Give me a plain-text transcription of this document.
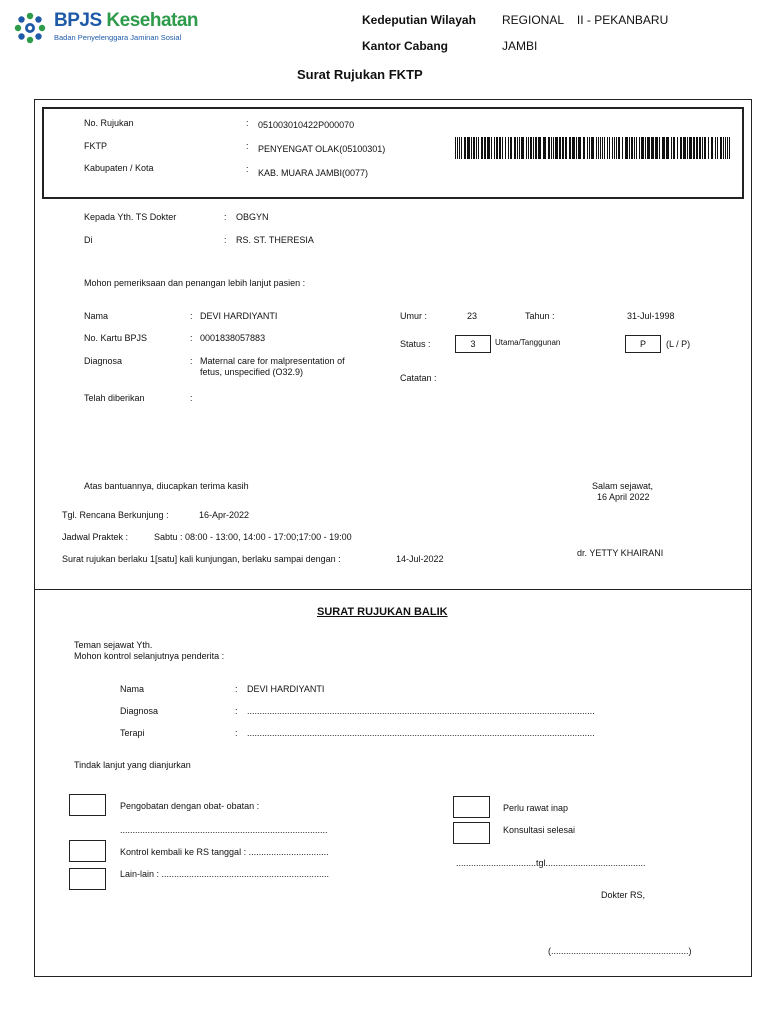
BPJS Kesehatan
Badan Penyelenggara Jaminan Sosial
Kedeputian Wilayah REGIONAL    II - PEKANBARU
Kantor Cabang	JAMBI
Surat Rujukan FKTP
No. Rujukan	: 05100301042​2P000070
FKTP	: PENYENGAT OLAK(05100301)
Kabupaten / Kota	: KAB. MUARA JAMBI(0077)
Kepada Yth. TS Dokter	: OBGYN
Di	: RS. ST. THERESIA
Mohon pemeriksaan dan penangan lebih lanjut pasien :
Nama	: DEVI HARDIYANTI
No. Kartu BPJS	: 0001838057883
Diagnosa	: Maternal care for malpresentation of
fetus, unspecified (O32.9)
Telah diberikan	:
Umur :	23	Tahun :	31-Jul-1998
Status :	3	Utama/Tanggunan	P	(L / P)
Catatan :
Atas bantuannya, diucapkan terima kasih	Salam sejawat,
16 April 2022
Tgl. Rencana Berkunjung :	16-Apr-2022
Jadwal Praktek :	Sabtu : 08:00 - 13:00, 14:00 - 17:00;17:00 - 19:00
Surat rujukan berlaku 1[satu] kali kunjungan, berlaku sampai dengan :	14-Jul-2022
dr. YETTY KHAIRANI
SURAT RUJUKAN BALIK
Teman sejawat Yth.
Mohon kontrol selanjutnya penderita :
Nama	: DEVI HARDIYANTI
Diagnosa	: ...........................................................................................................................................
Terapi	: ...........................................................................................................................................
Tindak lanjut yang dianjurkan
Pengobatan dengan obat- obatan :
...................................................................................
Kontrol kembali ke RS tanggal : ................................
Lain-lain : ...................................................................
Perlu rawat inap
Konsultasi selesai
................................tgl........................................
Dokter RS,
(.......................................................)
